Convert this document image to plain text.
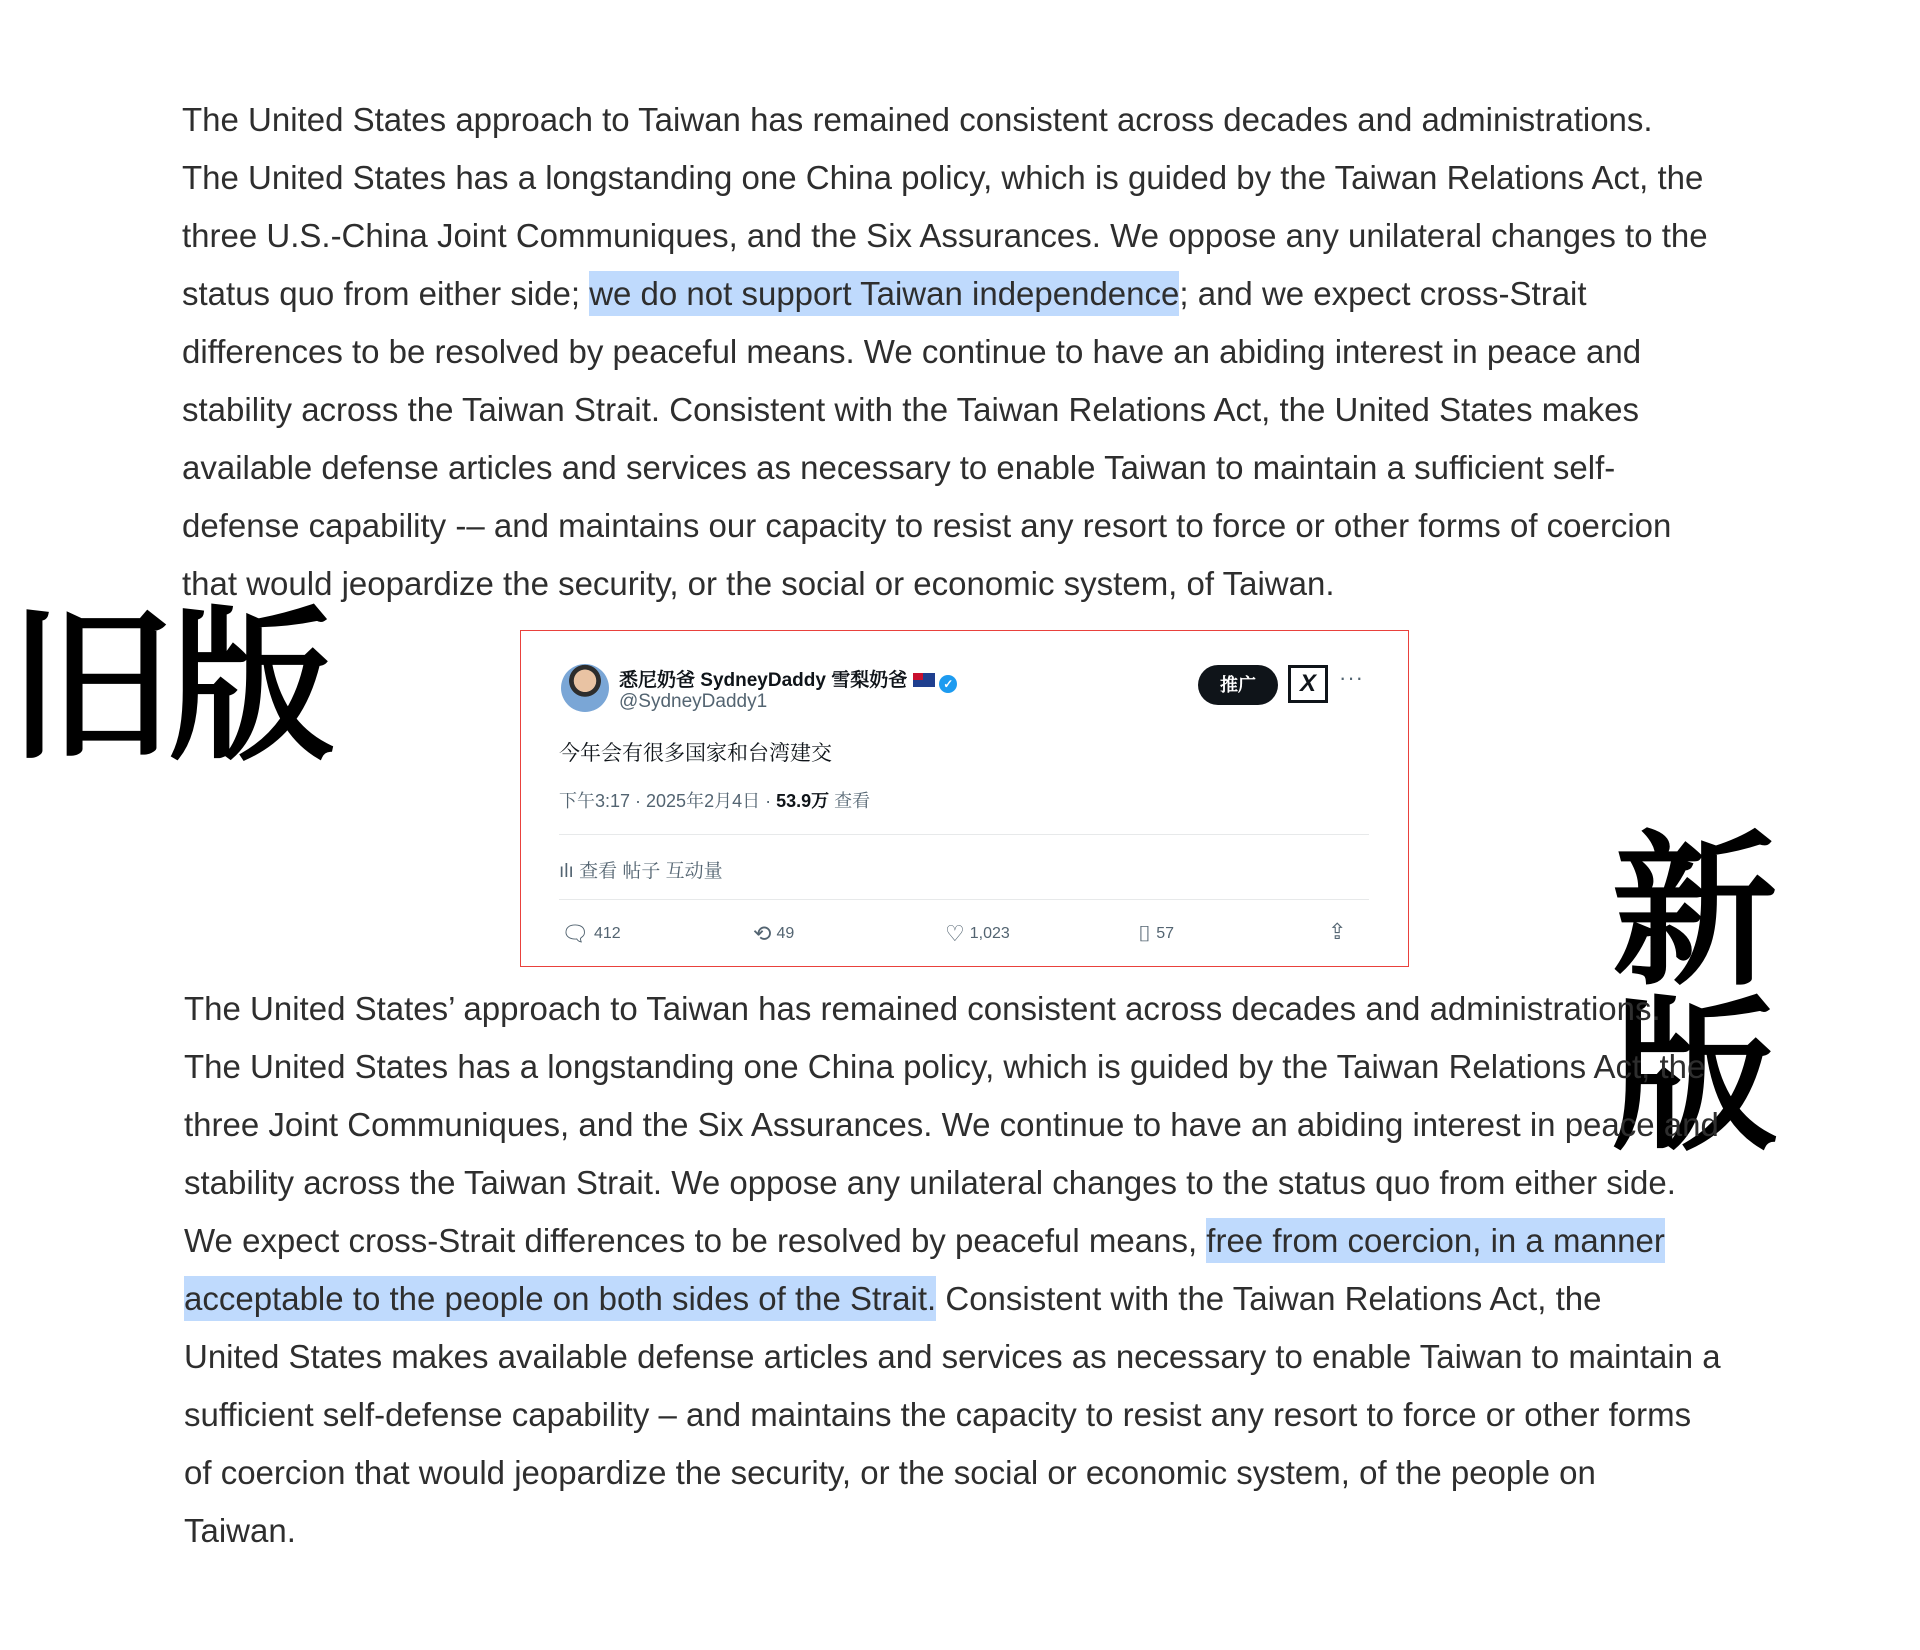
The United States approach to Taiwan has remained consistent across decades and administrations.
The United States has a longstanding one China policy, which is guided by the Taiwan Relations Act, the
three U.S.-China Joint Communiques, and the Six Assurances. We oppose any unilateral changes to the
status quo from either side; we do not support Taiwan independence; and we expect cross-Strait
differences to be resolved by peaceful means. We continue to have an abiding interest in peace and
stability across the Taiwan Strait. Consistent with the Taiwan Relations Act, the United States makes
available defense articles and services as necessary to enable Taiwan to maintain a sufficient self-
defense capability -– and maintains our capacity to resist any resort to force or other forms of coercion
that would jeopardize the security, or the social or economic system, of Taiwan.
旧版	悉尼奶爸 SydneyDaddy 雪梨奶爸	✓
@SydneyDaddy1
推广	X	···
今年会有很多国家和台湾建交
下午3:17 · 2025年2月4日 · 53.9万 查看
ılı 查看 帖子 互动量
🗨 412	⟲ 49	♡ 1,023	⌷ 57	⇪ 新版
The United States’ approach to Taiwan has remained consistent across decades and administrations.
The United States has a longstanding one China policy, which is guided by the Taiwan Relations Act, the
three Joint Communiques, and the Six Assurances. We continue to have an abiding interest in peace and
stability across the Taiwan Strait. We oppose any unilateral changes to the status quo from either side.
We expect cross-Strait differences to be resolved by peaceful means, free from coercion, in a manner
acceptable to the people on both sides of the Strait. Consistent with the Taiwan Relations Act, the
United States makes available defense articles and services as necessary to enable Taiwan to maintain a
sufficient self-defense capability – and maintains the capacity to resist any resort to force or other forms
of coercion that would jeopardize the security, or the social or economic system, of the people on
Taiwan.
